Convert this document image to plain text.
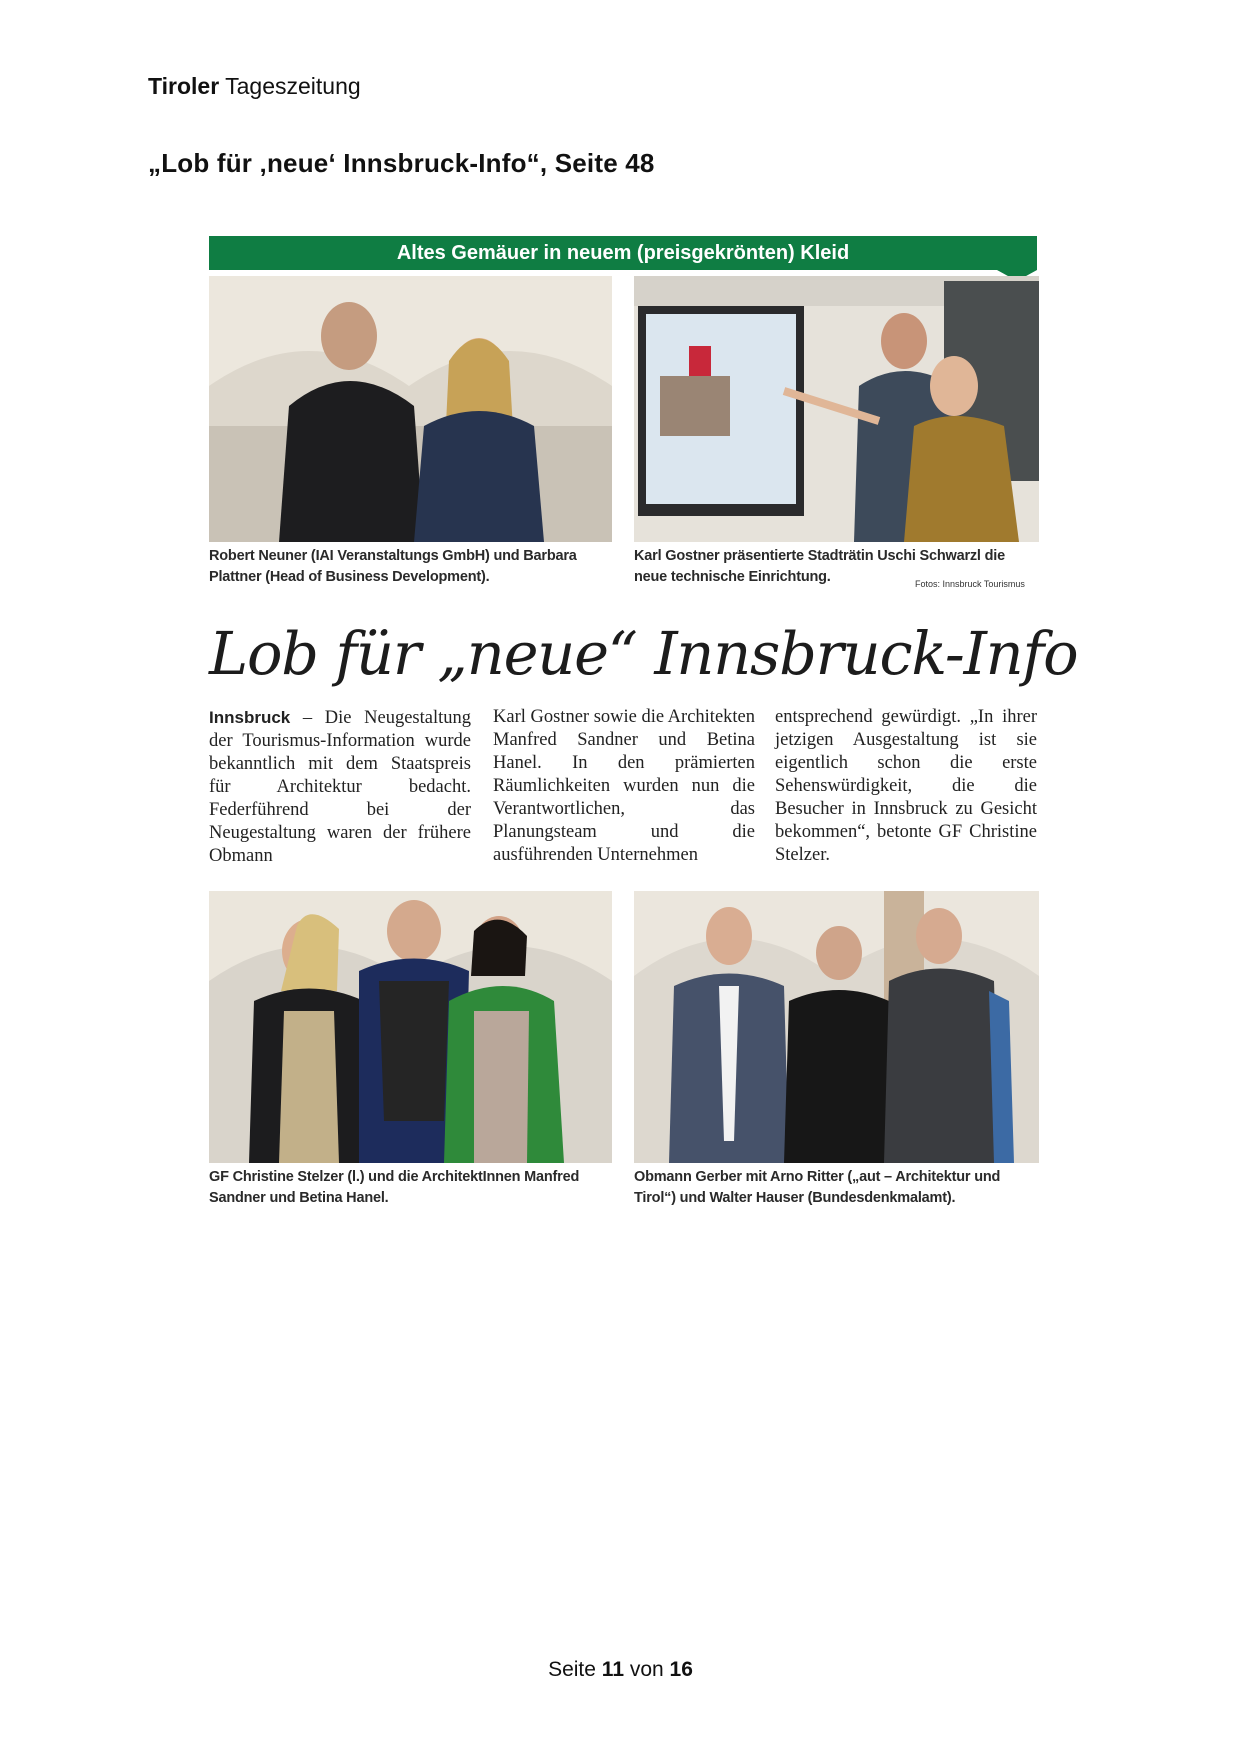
Tiroler Tageszeitung
„Lob für ‚neue‘ Innsbruck-Info“, Seite 48
Altes Gemäuer in neuem (preisgekrönten) Kleid
Robert Neuner (IAI Veranstaltungs GmbH) und Barbara Plattner (Head of Business Development).
Karl Gostner präsentierte Stadträtin Uschi Schwarzl die neue technische Einrichtung.	Fotos: Innsbruck Tourismus
Lob für „neue“ Innsbruck-Info
Innsbruck – Die Neugestaltung der Tourismus-Information wurde bekanntlich mit dem Staatspreis für Architektur bedacht. Federführend bei der Neugestaltung waren der frühere Obmann
Karl Gostner sowie die Architekten Manfred Sandner und Betina Hanel. In den prämierten Räumlichkeiten wurden nun die Verantwortlichen, das Planungsteam und die ausführenden Unternehmen
entsprechend gewürdigt. „In ihrer jetzigen Ausgestaltung ist sie eigentlich schon die erste Sehenswürdigkeit, die die Besucher in Innsbruck zu Gesicht bekommen“, betonte GF Christine Stelzer.
GF Christine Stelzer (l.) und die ArchitektInnen Manfred Sandner und Betina Hanel.
Obmann Gerber mit Arno Ritter („aut – Architektur und Tirol“) und Walter Hauser (Bundesdenkmalamt).
Seite 11 von 16
